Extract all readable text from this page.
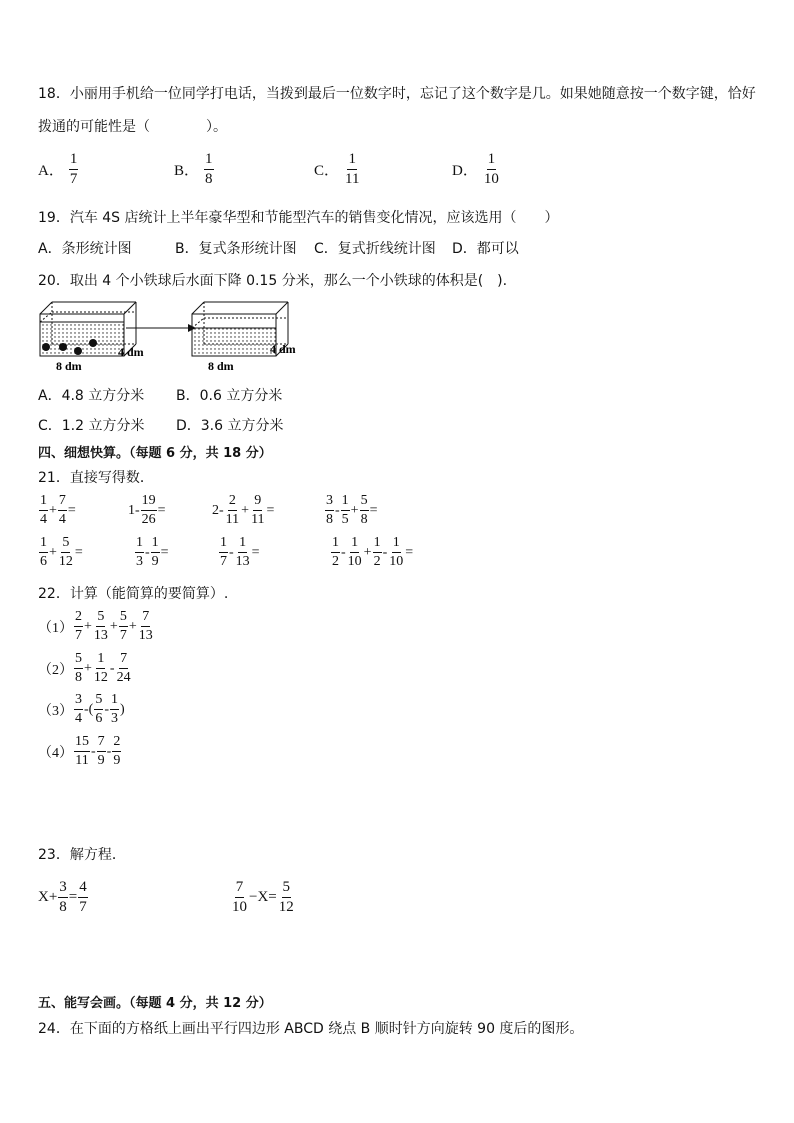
18．小丽用手机给一位同学打电话，当拨到最后一位数字时，忘记了这个数字是几。如果她随意按一个数字键，恰好
拨通的可能性是（　　　　）。
A． $\frac{1}{7}$	B． $\frac{1}{8}$	C． $\frac{1}{11}$	D． $\frac{1}{10}$
19．汽车 4S 店统计上半年豪华型和节能型汽车的销售变化情况，应该选用（　　）
A．条形统计图	B．复式条形统计图 C．复式折线统计图 D．都可以
20．取出 4 个小铁球后水面下降 0.15 分米，那么一个小铁球的体积是(　).
4 dm
8 dm
4 dm
8 dm
A．4.8 立方分米 B．0.6 立方分米
C．1.2 立方分米 D．3.6 立方分米
四、细想快算。（每题 6 分，共 18 分）
21．直接写得数．
$\frac{1}{4} + \frac{7}{4}$ =	$1- \frac{19}{26}$ =	$2- \frac{2}{11} + \frac{9}{11}$ =	$\frac{3}{8} - \frac{1}{5} + \frac{5}{8}$ =
$\frac{1}{6} + \frac{5}{12}$ =	$\frac{1}{3} - \frac{1}{9}$ =	$\frac{1}{7} - \frac{1}{13}$ =	$\frac{1}{2} - \frac{1}{10} + \frac{1}{2} - \frac{1}{10}$ =
22．计算（能简算的要简算）.
$(1) \frac{2}{7} + \frac{5}{13} + \frac{5}{7} + \frac{7}{13}$
$(2) \frac{5}{8} + \frac{1}{12} - \frac{7}{24}$
$(3) \frac{3}{4}$ -( $\frac{5}{6} - \frac{1}{3}$ )
$(4) \frac{15}{11} - \frac{7}{9} - \frac{2}{9}$
23．解方程．
$X+ \frac{3}{8} = \frac{4}{7}$	$\frac{7}{10} -X= \frac{5}{12}$
五、能写会画。（每题 4 分，共 12 分）
24．在下面的方格纸上画出平行四边形 ABCD 绕点 B 顺时针方向旋转 90 度后的图形。
